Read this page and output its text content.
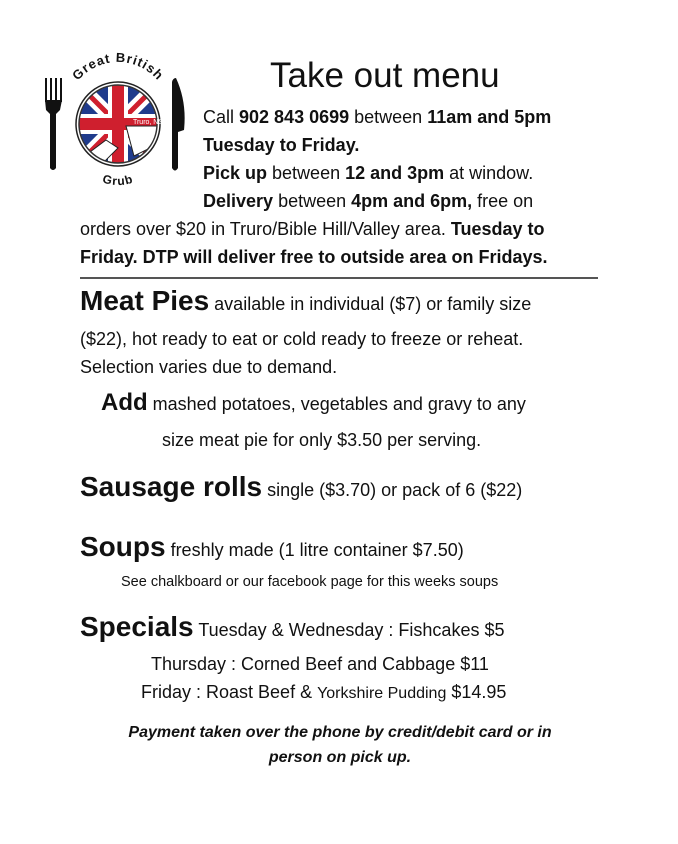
Great British
Grub
Truro, NS
Take out menu
Call 902 843 0699 between 11am and 5pm
Tuesday to Friday.
Pick up between 12 and 3pm at window.
Delivery between 4pm and 6pm, free on
orders over $20 in Truro/Bible Hill/Valley area. Tuesday to
Friday. DTP will deliver free to outside area on Fridays.
Meat Pies available in individual ($7) or family size
($22), hot ready to eat or cold ready to freeze or reheat.
Selection varies due to demand.
Add mashed potatoes, vegetables and gravy to any
size meat pie for only $3.50 per serving.
Sausage rolls single ($3.70) or pack of 6 ($22)
Soups freshly made (1 litre container $7.50)
See chalkboard or our facebook page for this weeks soups
Specials Tuesday & Wednesday : Fishcakes $5
Thursday : Corned Beef and Cabbage $11
Friday : Roast Beef & Yorkshire Pudding $14.95
Payment taken over the phone by credit/debit card or in
person on pick up.
